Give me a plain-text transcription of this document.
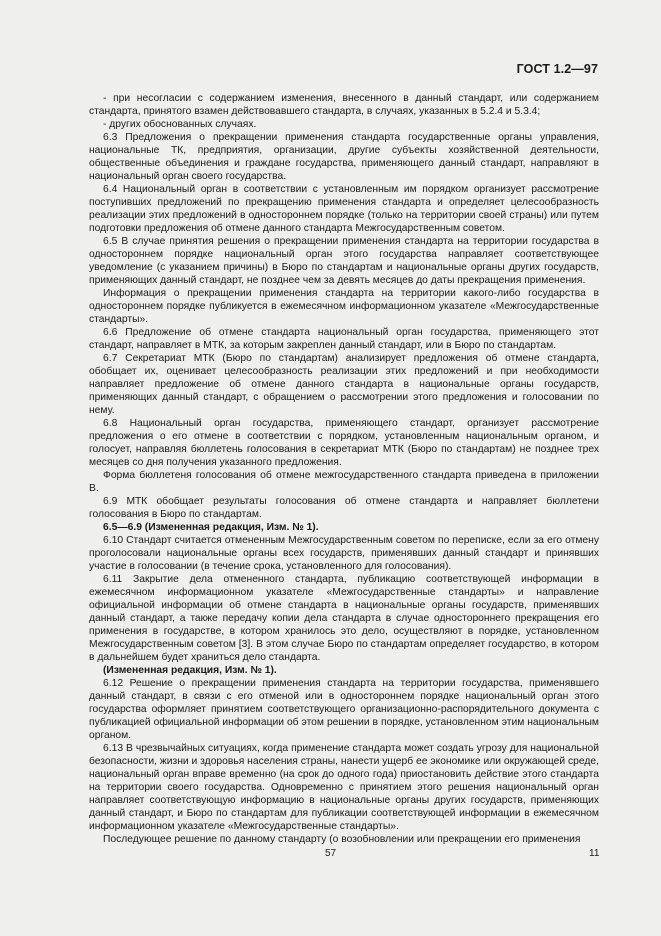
ГОСТ 1.2—97

- при несогласии с содержанием изменения, внесенного в данный стандарт, или содержанием стандарта, принятого взамен действовавшего стандарта, в случаях, указанных в 5.2.4 и 5.3.4;

- других обоснованных случаях.

6.3 Предложения о прекращении применения стандарта государственные органы управления, национальные ТК, предприятия, организации, другие субъекты хозяйственной деятельности, общественные объединения и граждане государства, применяющего данный стандарт, направляют в национальный орган своего государства.

6.4 Национальный орган в соответствии с установленным им порядком организует рассмотрение поступивших предложений по прекращению применения стандарта и определяет целесообразность реализации этих предложений в одностороннем порядке (только на территории своей страны) или путем подготовки предложения об отмене данного стандарта Межгосударственным советом.

6.5 В случае принятия решения о прекращении применения стандарта на территории государства в одностороннем порядке национальный орган этого государства направляет соответствующее уведомление (с указанием причины) в Бюро по стандартам и национальные органы других государств, применяющих данный стандарт, не позднее чем за девять месяцев до даты прекращения применения.

Информация о прекращении применения стандарта на территории какого-либо государства в одностороннем порядке публикуется в ежемесячном информационном указателе «Межгосударственные стандарты».

6.6 Предложение об отмене стандарта национальный орган государства, применяющего этот стандарт, направляет в МТК, за которым закреплен данный стандарт, или в Бюро по стандартам.

6.7 Секретариат МТК (Бюро по стандартам) анализирует предложения об отмене стандарта, обобщает их, оценивает целесообразность реализации этих предложений и при необходимости направляет предложение об отмене данного стандарта в национальные органы государств, применяющих данный стандарт, с обращением о рассмотрении этого предложения и голосовании по нему.

6.8 Национальный орган государства, применяющего стандарт, организует рассмотрение предложения о его отмене в соответствии с порядком, установленным национальным органом, и голосует, направляя бюллетень голосования в секретариат МТК (Бюро по стандартам) не позднее трех месяцев со дня получения указанного предложения.

Форма бюллетеня голосования об отмене межгосударственного стандарта приведена в приложении В.

6.9 МТК обобщает результаты голосования об отмене стандарта и направляет бюллетени голосования в Бюро по стандартам.

6.5—6.9 (Измененная редакция, Изм. № 1).

6.10 Стандарт считается отмененным Межгосударственным советом по переписке, если за его отмену проголосовали национальные органы всех государств, применявших данный стандарт и принявших участие в голосовании (в течение срока, установленного для голосования).

6.11 Закрытие дела отмененного стандарта, публикацию соответствующей информации в ежемесячном информационном указателе «Межгосударственные стандарты» и направление официальной информации об отмене стандарта в национальные органы государств, применявших данный стандарт, а также передачу копии дела стандарта в случае одностороннего прекращения его применения в государстве, в котором хранилось это дело, осуществляют в порядке, установленном Межгосударственным советом [3]. В этом случае Бюро по стандартам определяет государство, в котором в дальнейшем будет храниться дело стандарта.

(Измененная редакция, Изм. № 1).

6.12 Решение о прекращении применения стандарта на территории государства, применявшего данный стандарт, в связи с его отменой или в одностороннем порядке национальный орган этого государства оформляет принятием соответствующего организационно-распорядительного документа с публикацией официальной информации об этом решении в порядке, установленном этим национальным органом.

6.13 В чрезвычайных ситуациях, когда применение стандарта может создать угрозу для национальной безопасности, жизни и здоровья населения страны, нанести ущерб ее экономике или окружающей среде, национальный орган вправе временно (на срок до одного года) приостановить действие этого стандарта на территории своего государства. Одновременно с принятием этого решения национальный орган направляет соответствующую информацию в национальные органы других государств, применяющих данный стандарт, и Бюро по стандартам для публикации соответствующей информации в ежемесячном информационном указателе «Межгосударственные стандарты».

Последующее решение по данному стандарту (о возобновлении или прекращении его применения

57	11
